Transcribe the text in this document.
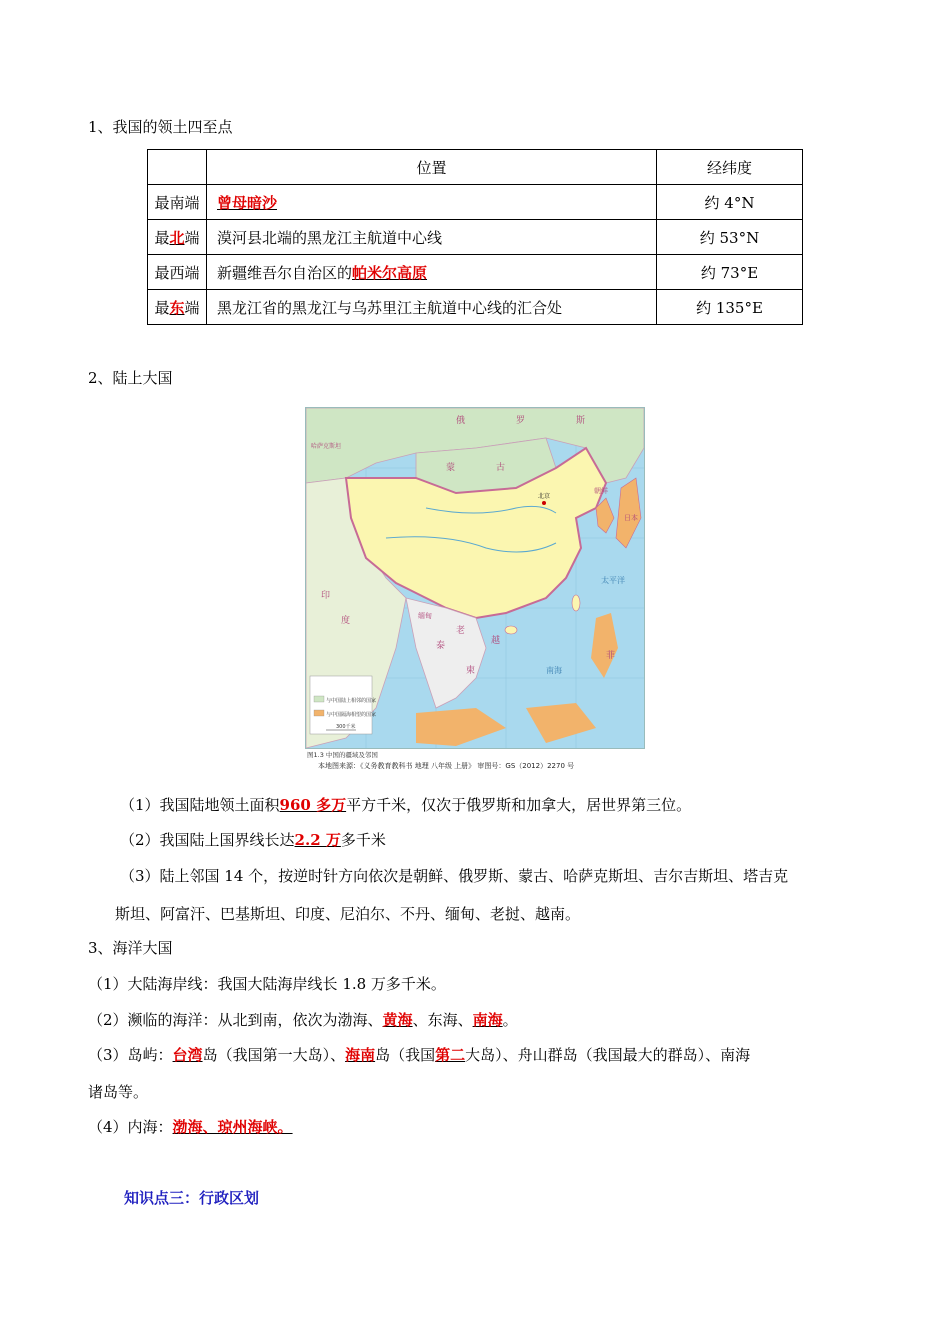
1、我国的领土四至点
	位置	经纬度
最南端	曾母暗沙	约 4°N
最北端	漠河县北端的黑龙江主航道中心线	约 53°N
最西端	新疆维吾尔自治区的帕米尔高原	约 73°E
最东端	黑龙江省的黑龙江与乌苏里江主航道中心线的汇合处	约 135°E
2、陆上大国
俄	罗	斯
蒙	古
印
度	缅甸
老
柬
泰	越
菲
哈萨克斯坦
日本
朝鲜
太平洋
南海
北京
与中国陆上相邻的国家
与中国隔海相望的国家
300千米
图1.3 中国的疆域及邻国
本地图来源：《义务教育教科书 地理 八年级 上册》 审图号：GS（2012）2270 号
（1）我国陆地领土面积960 多万平方千米，仅次于俄罗斯和加拿大，居世界第三位。
（2）我国陆上国界线长达2.2 万多千米
（3）陆上邻国 14 个，按逆时针方向依次是朝鲜、俄罗斯、蒙古、哈萨克斯坦、吉尔吉斯坦、塔吉克
斯坦、阿富汗、巴基斯坦、印度、尼泊尔、不丹、缅甸、老挝、越南。
3、海洋大国
（1）大陆海岸线：我国大陆海岸线长 1.8 万多千米。
（2）濒临的海洋：从北到南，依次为渤海、黄海、东海、南海。
（3）岛屿：台湾岛（我国第一大岛）、海南岛（我国第二大岛）、舟山群岛（我国最大的群岛）、南海
诸岛等。
（4）内海：渤海、琼州海峡。
知识点三：行政区划
